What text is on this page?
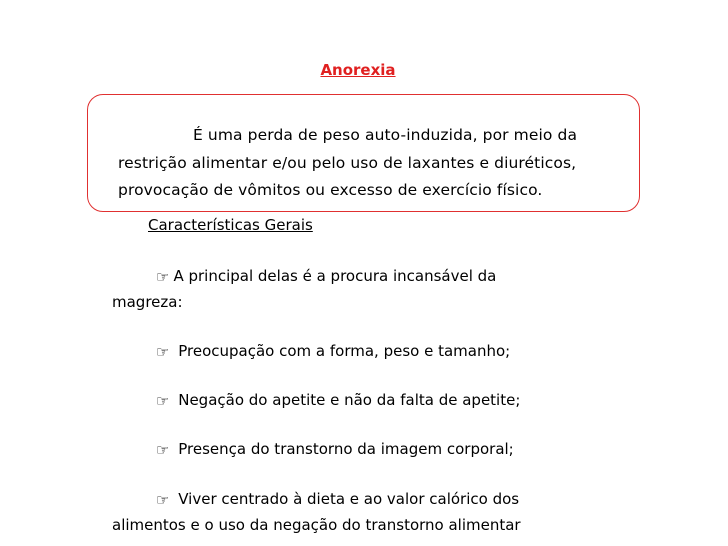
Anorexia
É uma perda de peso auto-induzida, por meio da
restrição alimentar e/ou pelo uso de laxantes e diuréticos,
provocação de vômitos ou excesso de exercício físico.
Características Gerais
☞ A principal delas é a procura incansável da
magreza:
☞ Preocupação com a forma, peso e tamanho;
☞ Negação do apetite e não da falta de apetite;
☞ Presença do transtorno da imagem corporal;
☞ Viver centrado à dieta e ao valor calórico dos
alimentos e o uso da negação do transtorno alimentar
